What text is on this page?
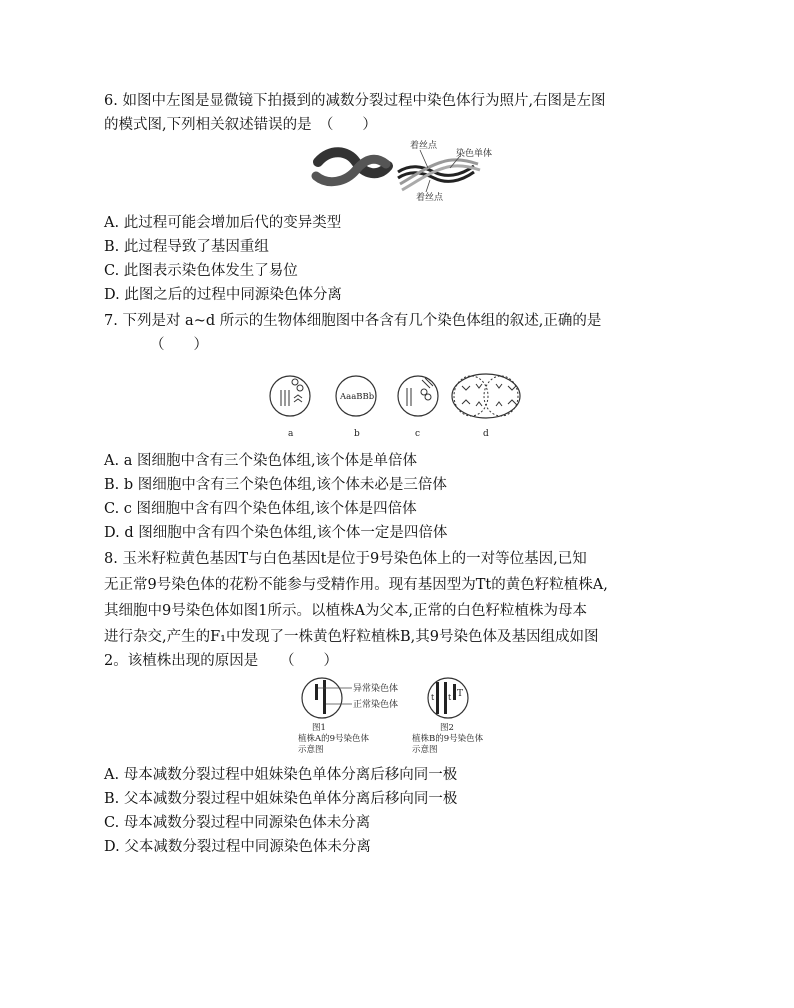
6. 如图中左图是显微镜下拍摄到的减数分裂过程中染色体行为照片,右图是左图
的模式图,下列相关叙述错误的是　（　　）
着丝点
染色单体
着丝点
A. 此过程可能会增加后代的变异类型
B. 此过程导致了基因重组
C. 此图表示染色体发生了易位
D. 此图之后的过程中同源染色体分离
7. 下列是对 a~d 所示的生物体细胞图中各含有几个染色体组的叙述,正确的是
（　　）
a
AaaBBb
b	c	d
A. a 图细胞中含有三个染色体组,该个体是单倍体
B. b 图细胞中含有三个染色体组,该个体未必是三倍体
C. c 图细胞中含有四个染色体组,该个体是四倍体
D. d 图细胞中含有四个染色体组,该个体一定是四倍体
8. 玉米籽粒黄色基因T与白色基因t是位于9号染色体上的一对等位基因,已知
无正常9号染色体的花粉不能参与受精作用。现有基因型为Tt的黄色籽粒植株A,
其细胞中9号染色体如图1所示。以植株A为父本,正常的白色籽粒植株为母本
进行杂交,产生的F₁中发现了一株黄色籽粒植株B,其9号染色体及基因组成如图
2。该植株出现的原因是　　（　　）
异常染色体
正常染色体
图1
植株A的9号染色体
示意图
t t T
图2
植株B的9号染色体
示意图
A. 母本减数分裂过程中姐妹染色单体分离后移向同一极
B. 父本减数分裂过程中姐妹染色单体分离后移向同一极
C. 母本减数分裂过程中同源染色体未分离
D. 父本减数分裂过程中同源染色体未分离
